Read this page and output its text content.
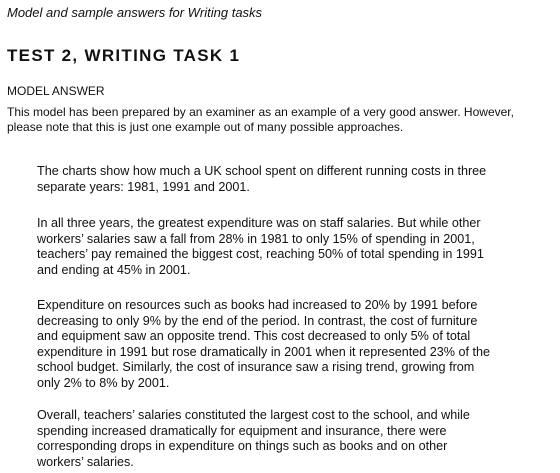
Model and sample answers for Writing tasks
TEST 2, WRITING TASK 1
MODEL ANSWER
This model has been prepared by an examiner as an example of a very good answer. However,
please note that this is just one example out of many possible approaches.
The charts show how much a UK school spent on different running costs in three
separate years: 1981, 1991 and 2001.
In all three years, the greatest expenditure was on staff salaries. But while other
workers’ salaries saw a fall from 28% in 1981 to only 15% of spending in 2001,
teachers’ pay remained the biggest cost, reaching 50% of total spending in 1991
and ending at 45% in 2001.
Expenditure on resources such as books had increased to 20% by 1991 before
decreasing to only 9% by the end of the period. In contrast, the cost of furniture
and equipment saw an opposite trend. This cost decreased to only 5% of total
expenditure in 1991 but rose dramatically in 2001 when it represented 23% of the
school budget. Similarly, the cost of insurance saw a rising trend, growing from
only 2% to 8% by 2001.
Overall, teachers’ salaries constituted the largest cost to the school, and while
spending increased dramatically for equipment and insurance, there were
corresponding drops in expenditure on things such as books and on other
workers’ salaries.
